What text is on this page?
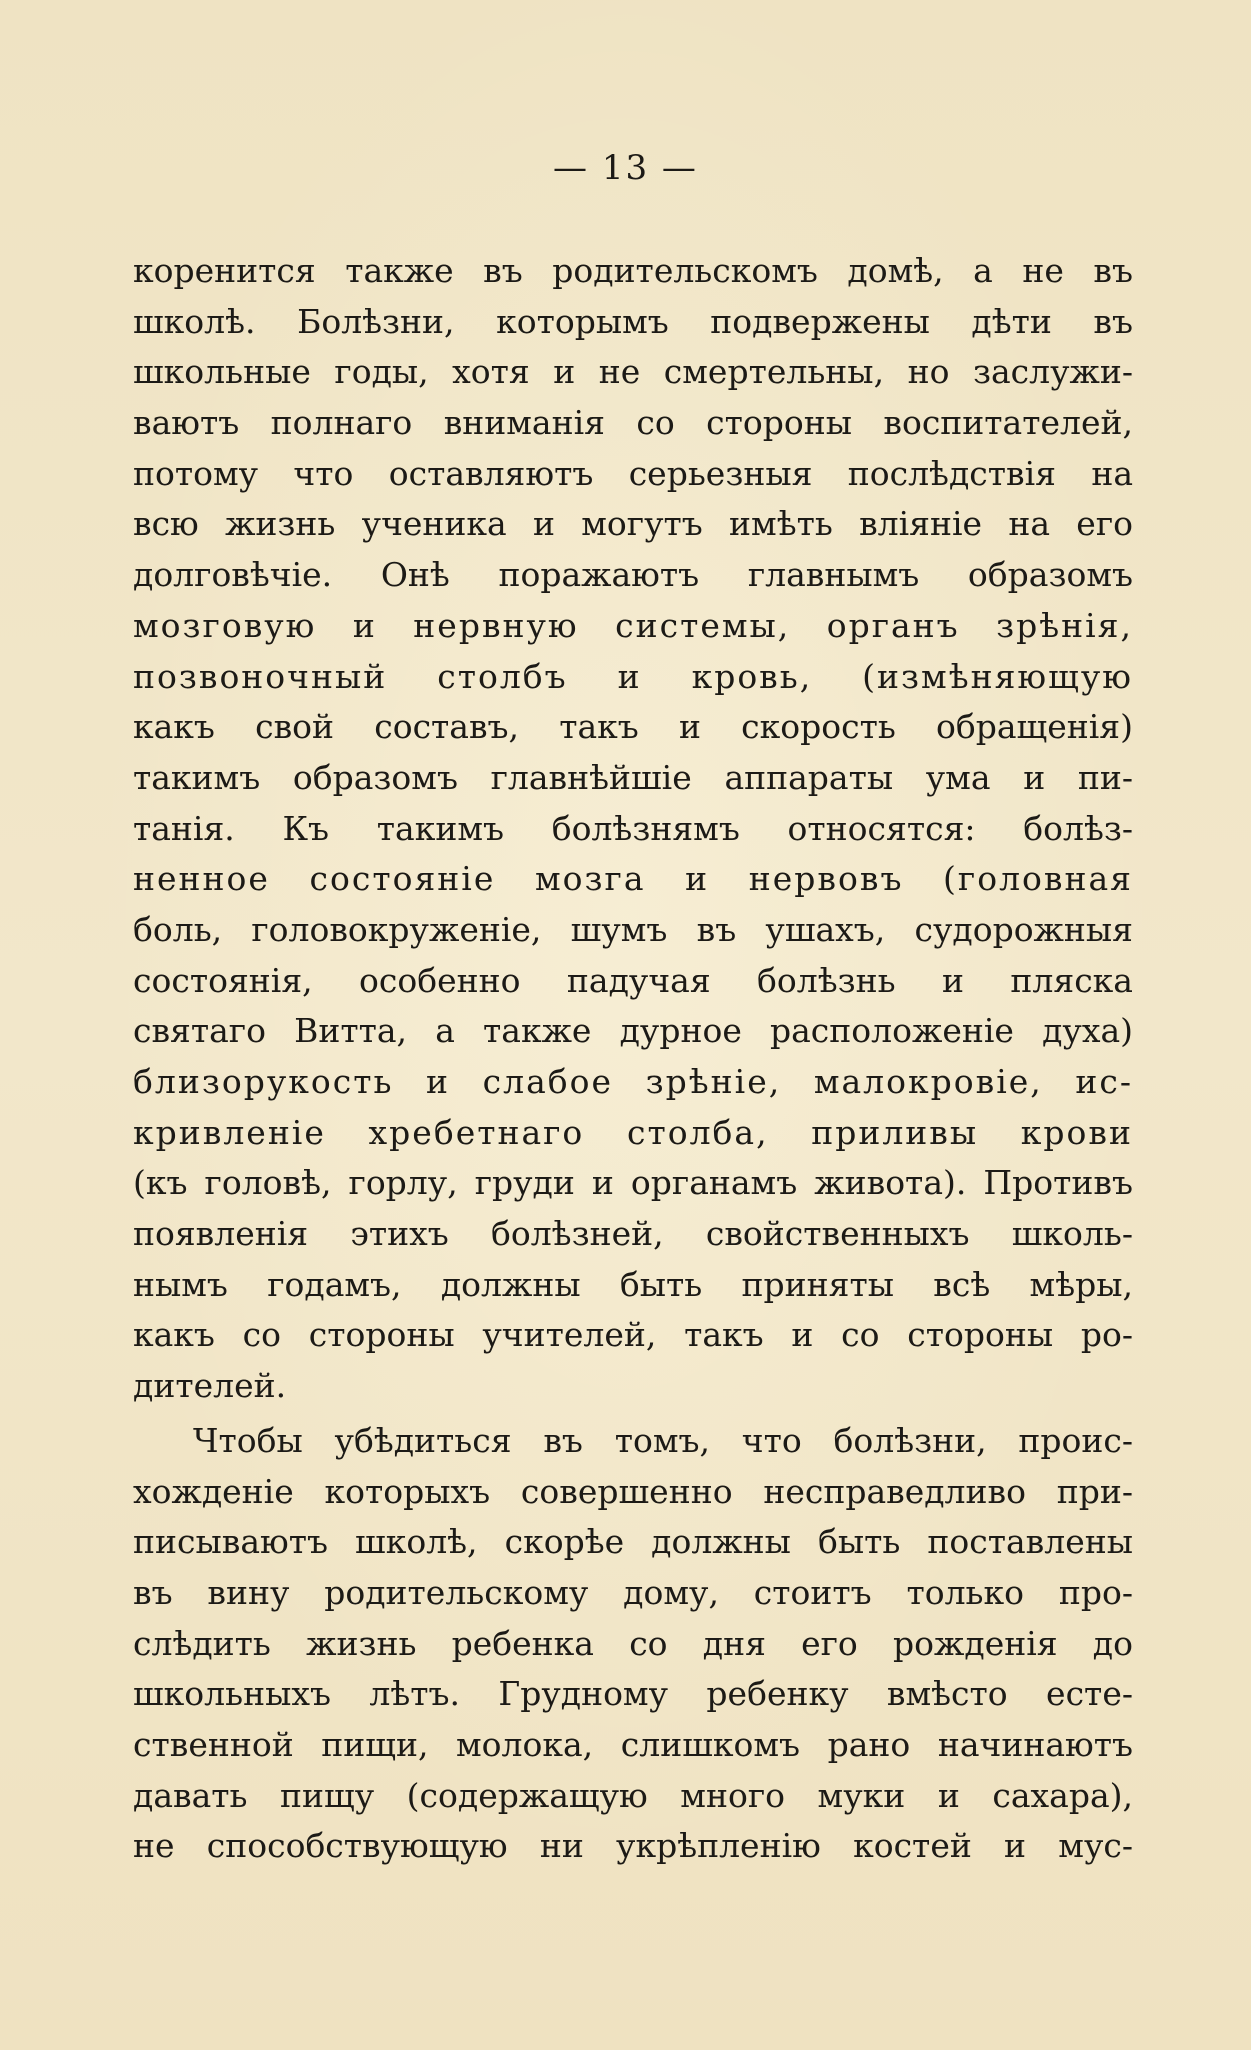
— 13 —
коренится также въ родительскомъ домѣ, а не въ
школѣ. Болѣзни, которымъ подвержены дѣти въ
школьные годы, хотя и не смертельны, но заслужи-
ваютъ полнаго вниманія со стороны воспитателей,
потому что оставляютъ серьезныя послѣдствія на
всю жизнь ученика и могутъ имѣть вліяніе на его
долговѣчіе. Онѣ поражаютъ главнымъ образомъ
мозговую и нервную системы, органъ зрѣнія,
позвоночный столбъ и кровь, (измѣняющую
какъ свой составъ, такъ и скорость обращенія)
такимъ образомъ главнѣйшіе аппараты ума и пи-
танія. Къ такимъ болѣзнямъ относятся: болѣз-
ненное состояніе мозга и нервовъ (головная
боль, головокруженіе, шумъ въ ушахъ, судорожныя
состоянія, особенно падучая болѣзнь и пляска
святаго Витта, а также дурное расположеніе духа)
близорукость и слабое зрѣніе, малокровіе, ис-
кривленіе хребетнаго столба, приливы крови
(къ головѣ, горлу, груди и органамъ живота). Противъ
появленія этихъ болѣзней, свойственныхъ школь-
нымъ годамъ, должны быть приняты всѣ мѣры,
какъ со стороны учителей, такъ и со стороны ро-
дителей.
Чтобы убѣдиться въ томъ, что болѣзни, проис-
хожденіе которыхъ совершенно несправедливо при-
писываютъ школѣ, скорѣе должны быть поставлены
въ вину родительскому дому, стоитъ только про-
слѣдить жизнь ребенка со дня его рожденія до
школьныхъ лѣтъ. Грудному ребенку вмѣсто есте-
ственной пищи, молока, слишкомъ рано начинаютъ
давать пищу (содержащую много муки и сахара),
не способствующую ни укрѣпленію костей и мус-
